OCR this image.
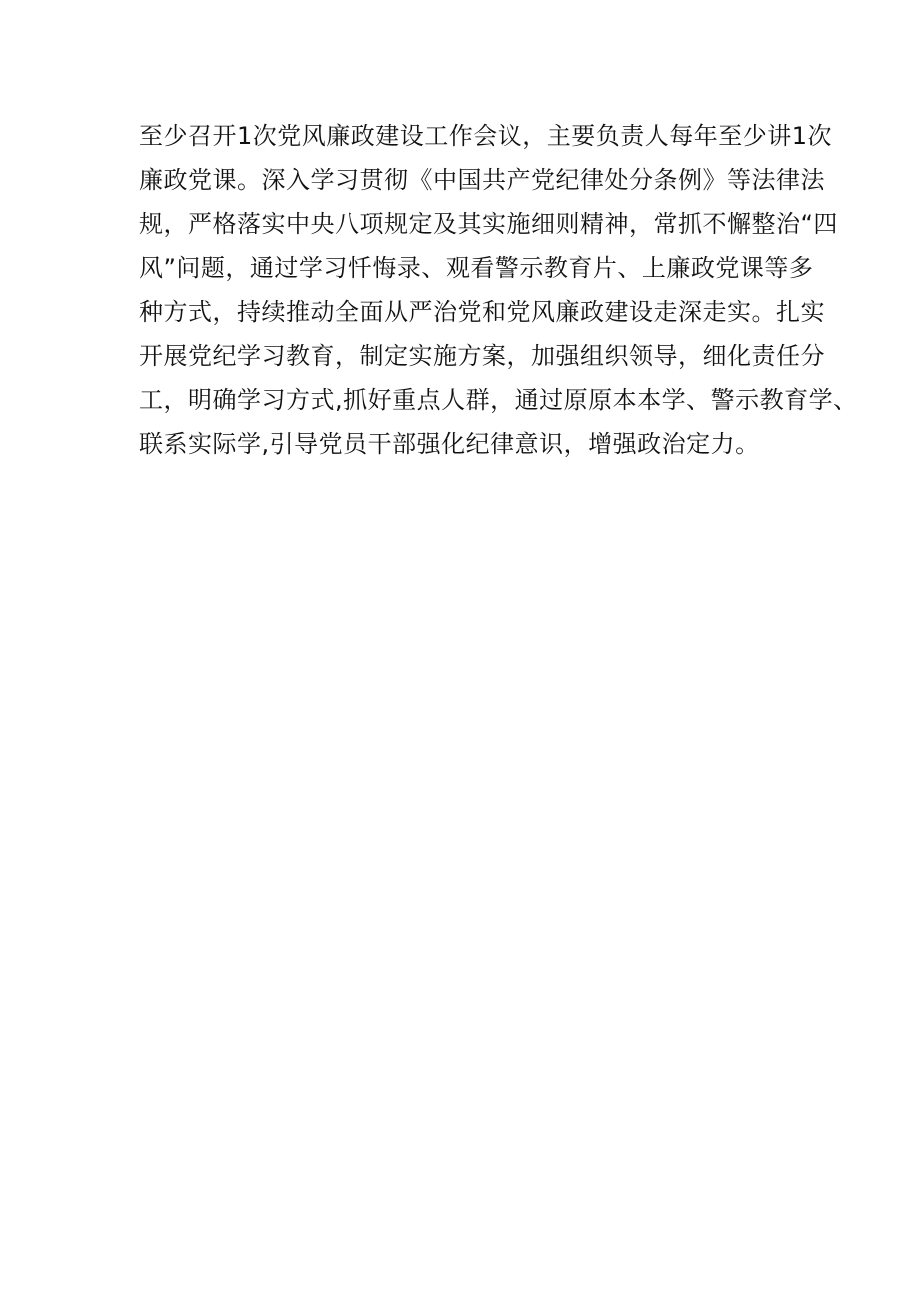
至少召开1次党风廉政建设工作会议，主要负责人每年至少讲1次
廉政党课。深入学习贯彻《中国共产党纪律处分条例》等法律法
规，严格落实中央八项规定及其实施细则精神，常抓不懈整治“四
风”问题，通过学习忏悔录、观看警示教育片、上廉政党课等多
种方式，持续推动全面从严治党和党风廉政建设走深走实。扎实
开展党纪学习教育，制定实施方案，加强组织领导，细化责任分
工，明确学习方式,抓好重点人群，通过原原本本学、警示教育学、
联系实际学,引导党员干部强化纪律意识，增强政治定力。
